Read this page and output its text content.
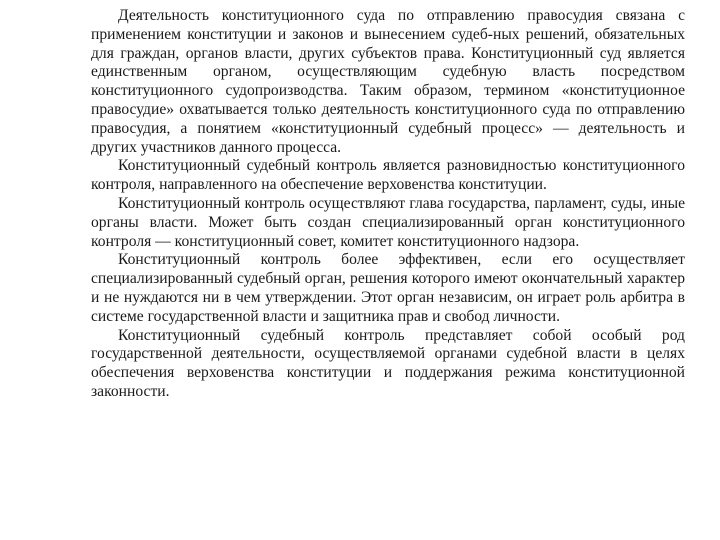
Деятельность конституционного суда по отправлению правосудия связана с применением конституции и законов и вынесением судеб-ных решений, обязательных для граждан, органов власти, других субъектов права. Конституционный суд является единственным органом, осуществляющим судебную власть посредством конституционного судопроизводства. Таким образом, термином «конституционное правосудие» охватывается только деятельность конституционного суда по отправлению правосудия, а понятием «конституционный судебный процесс» — деятельность и других участников данного процесса.

Конституционный судебный контроль является разновидностью конституционного контроля, направленного на обеспечение верховенства конституции.

Конституционный контроль осуществляют глава государства, парламент, суды, иные органы власти. Может быть создан специализированный орган конституционного контроля — конституционный совет, комитет конституционного надзора.

Конституционный контроль более эффективен, если его осуществляет специализированный судебный орган, решения которого имеют окончательный характер и не нуждаются ни в чем утверждении. Этот орган независим, он играет роль арбитра в системе государственной власти и защитника прав и свобод личности.

Конституционный судебный контроль представляет собой особый род государственной деятельности, осуществляемой органами судебной власти в целях обеспечения верховенства конституции и поддержания режима конституционной законности.
